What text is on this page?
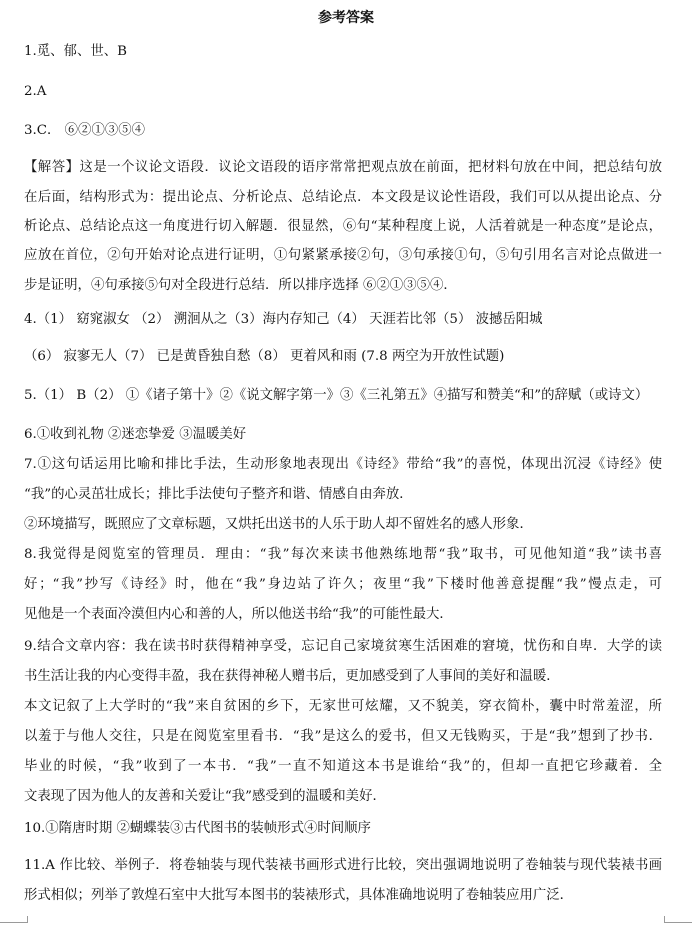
参考答案
1.觅、郁、世、B
2.A
3.C． ⑥②①③⑤④
【解答】这是一个议论文语段．议论文语段的语序常常把观点放在前面，把材料句放在中间，把总结句放
在后面，结构形式为：提出论点、分析论点、总结论点．本文段是议论性语段，我们可以从提出论点、分
析论点、总结论点这一角度进行切入解题．很显然，⑥句“某种程度上说，人活着就是一种态度”是论点，
应放在首位，②句开始对论点进行证明，①句紧紧承接②句，③句承接①句，⑤句引用名言对论点做进一
步是证明，④句承接⑤句对全段进行总结．所以排序选择 ⑥②①③⑤④．
4.（1） 窈窕淑女 （2） 溯洄从之（3）海内存知己（4） 天涯若比邻（5） 波撼岳阳城
（6） 寂寥无人（7） 已是黄昏独自愁（8） 更着风和雨 (7.8 两空为开放性试题)
5.（1） B（2） ①《诸子第十》②《说文解字第一》③《三礼第五》④描写和赞美“和”的辞赋（或诗文）
6.①收到礼物 ②迷恋挚爱 ③温暖美好
7.①这句话运用比喻和排比手法，生动形象地表现出《诗经》带给“我”的喜悦，体现出沉浸《诗经》使
“我”的心灵茁壮成长；排比手法使句子整齐和谐、情感自由奔放．
②环境描写，既照应了文章标题，又烘托出送书的人乐于助人却不留姓名的感人形象．
8.我觉得是阅览室的管理员．理由：“我”每次来读书他熟练地帮“我”取书，可见他知道“我”读书喜
好；“我”抄写《诗经》时，他在“我”身边站了许久；夜里“我”下楼时他善意提醒“我”慢点走，可
见他是一个表面冷漠但内心和善的人，所以他送书给“我”的可能性最大．
9.结合文章内容：我在读书时获得精神享受，忘记自己家境贫寒生活困难的窘境，忧伤和自卑．大学的读
书生活让我的内心变得丰盈，我在获得神秘人赠书后，更加感受到了人事间的美好和温暖．
本文记叙了上大学时的“我”来自贫困的乡下，无家世可炫耀，又不貌美，穿衣简朴，囊中时常羞涩，所
以羞于与他人交往，只是在阅览室里看书．“我”是这么的爱书，但又无钱购买，于是“我”想到了抄书．
毕业的时候，“我”收到了一本书．“我”一直不知道这本书是谁给“我”的，但却一直把它珍藏着．全
文表现了因为他人的友善和关爱让“我”感受到的温暖和美好．
10.①隋唐时期 ②蝴蝶装③古代图书的装帧形式④时间顺序
11.A 作比较、举例子．将卷轴装与现代装裱书画形式进行比较，突出强调地说明了卷轴装与现代装裱书画
形式相似；列举了敦煌石室中大批写本图书的装裱形式，具体准确地说明了卷轴装应用广泛．
